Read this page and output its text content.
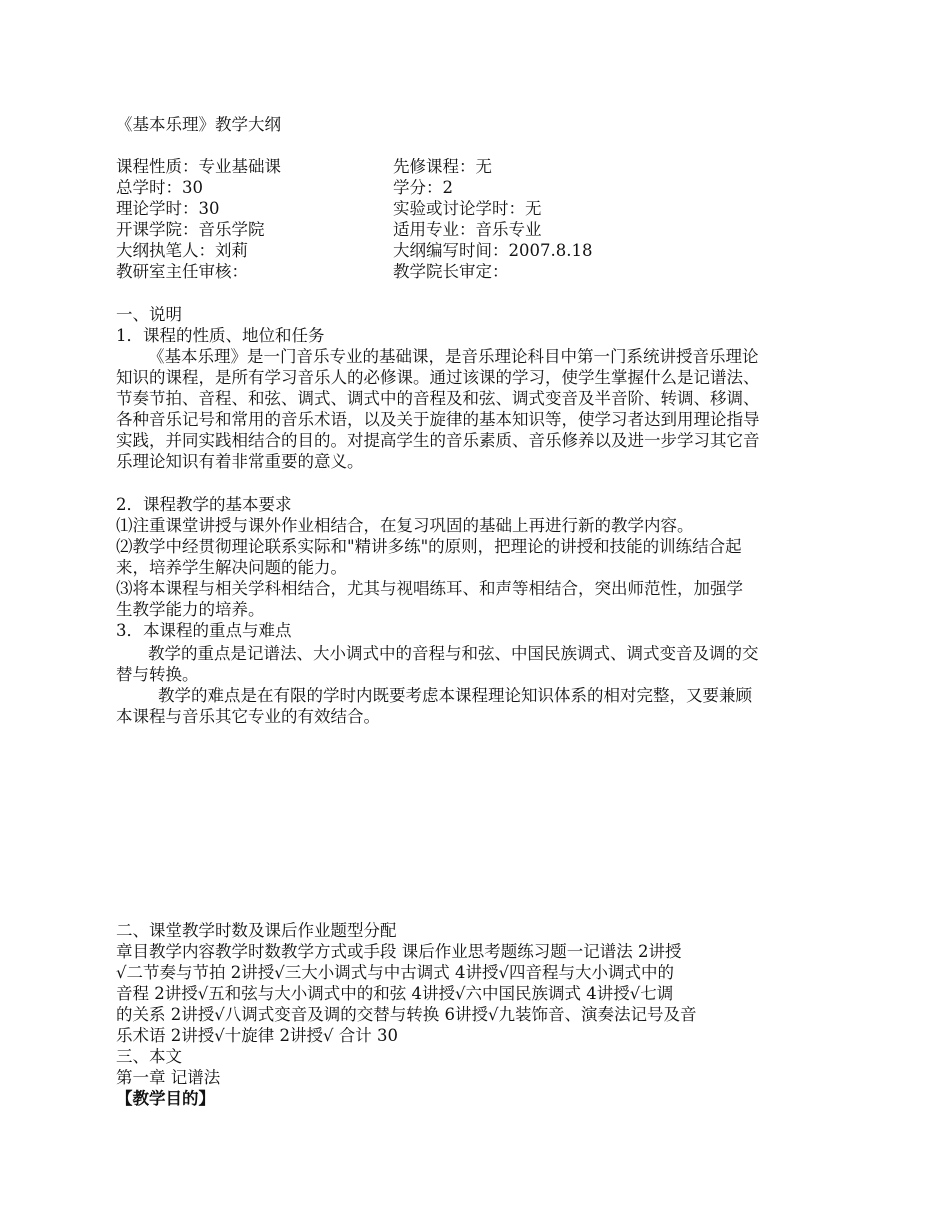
《基本乐理》教学大纲
课程性质：专业基础课
总学时：30
理论学时：30
开课学院：音乐学院
大纲执笔人：刘莉
教研室主任审核：
先修课程：无
学分：2
实验或讨论学时：无
适用专业：音乐专业
大纲编写时间：2007.8.18
教学院长审定：
一、说明
1．课程的性质、地位和任务
《基本乐理》是一门音乐专业的基础课，是音乐理论科目中第一门系统讲授音乐理论
知识的课程，是所有学习音乐人的必修课。通过该课的学习，使学生掌握什么是记谱法、
节奏节拍、音程、和弦、调式、调式中的音程及和弦、调式变音及半音阶、转调、移调、
各种音乐记号和常用的音乐术语，以及关于旋律的基本知识等，使学习者达到用理论指导
实践，并同实践相结合的目的。对提高学生的音乐素质、音乐修养以及进一步学习其它音
乐理论知识有着非常重要的意义。
2．课程教学的基本要求
⑴注重课堂讲授与课外作业相结合，在复习巩固的基础上再进行新的教学内容。
⑵教学中经贯彻理论联系实际和"精讲多练"的原则，把理论的讲授和技能的训练结合起
来，培养学生解决问题的能力。
⑶将本课程与相关学科相结合，尤其与视唱练耳、和声等相结合，突出师范性，加强学
生教学能力的培养。
3．本课程的重点与难点
教学的重点是记谱法、大小调式中的音程与和弦、中国民族调式、调式变音及调的交
替与转换。
教学的难点是在有限的学时内既要考虑本课程理论知识体系的相对完整，又要兼顾
本课程与音乐其它专业的有效结合。
二、课堂教学时数及课后作业题型分配
章目教学内容教学时数教学方式或手段 课后作业思考题练习题一记谱法 2讲授
√二节奏与节拍 2讲授√三大小调式与中古调式 4讲授√四音程与大小调式中的
音程 2讲授√五和弦与大小调式中的和弦 4讲授√六中国民族调式 4讲授√七调
的关系 2讲授√八调式变音及调的交替与转换 6讲授√九装饰音、演奏法记号及音
乐术语 2讲授√十旋律 2讲授√ 合计 30
三、本文
第一章 记谱法
【教学目的】
